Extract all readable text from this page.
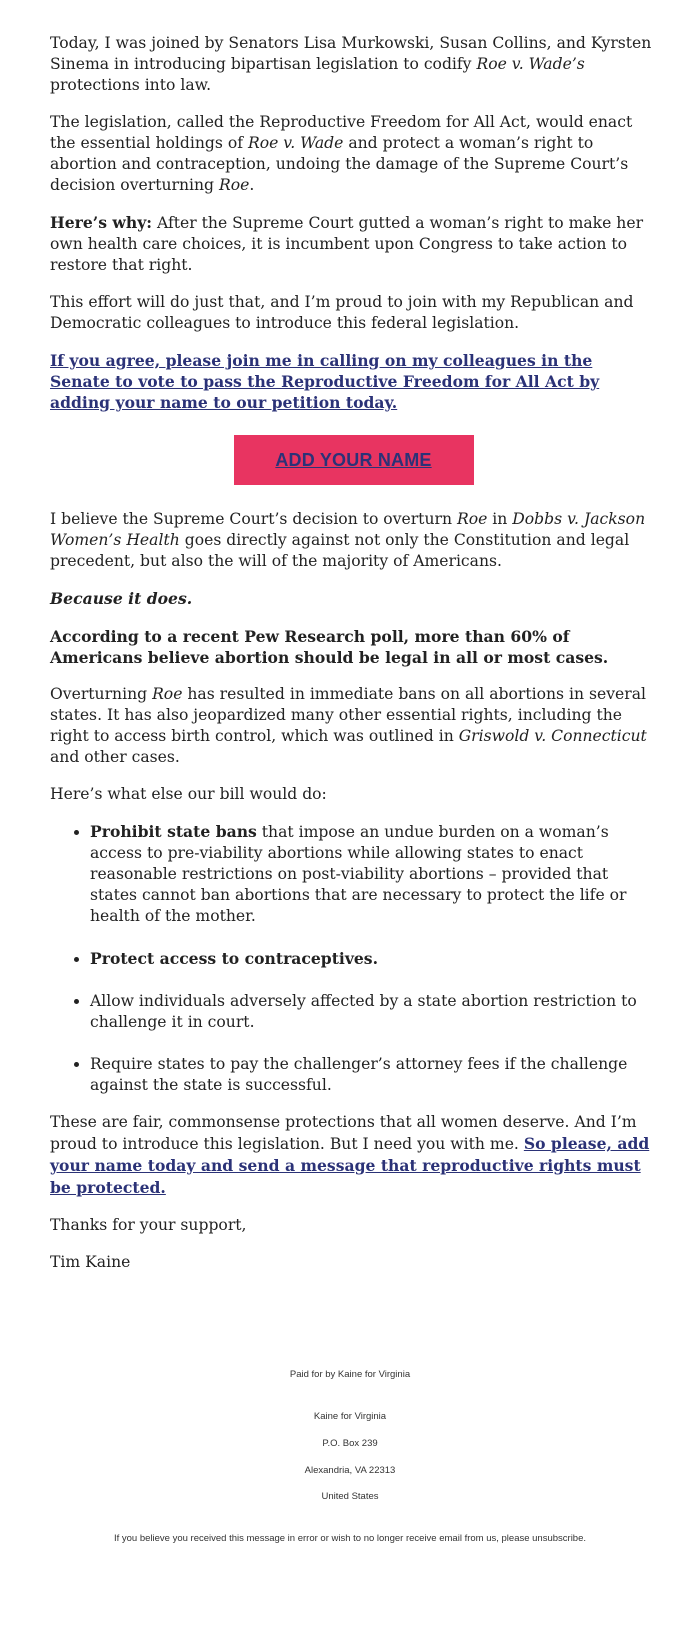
Today, I was joined by Senators Lisa Murkowski, Susan Collins, and Kyrsten Sinema in introducing bipartisan legislation to codify Roe v. Wade’s protections into law.

The legislation, called the Reproductive Freedom for All Act, would enact the essential holdings of Roe v. Wade and protect a woman’s right to abortion and contraception, undoing the damage of the Supreme Court’s decision overturning Roe.

Here’s why: After the Supreme Court gutted a woman’s right to make her own health care choices, it is incumbent upon Congress to take action to restore that right.

This effort will do just that, and I’m proud to join with my Republican and Democratic colleagues to introduce this federal legislation.

If you agree, please join me in calling on my colleagues in the Senate to vote to pass the Reproductive Freedom for All Act by adding your name to our petition today.
ADD YOUR NAME

I believe the Supreme Court’s decision to overturn Roe in Dobbs v. Jackson Women’s Health goes directly against not only the Constitution and legal precedent, but also the will of the majority of Americans.

Because it does.

According to a recent Pew Research poll, more than 60% of Americans believe abortion should be legal in all or most cases.

Overturning Roe has resulted in immediate bans on all abortions in several states. It has also jeopardized many other essential rights, including the right to access birth control, which was outlined in Griswold v. Connecticut and other cases.

Here’s what else our bill would do:

• Prohibit state bans that impose an undue burden on a woman’s access to pre-viability abortions while allowing states to enact reasonable restrictions on post-viability abortions – provided that states cannot ban abortions that are necessary to protect the life or health of the mother.
• Protect access to contraceptives.
• Allow individuals adversely affected by a state abortion restriction to challenge it in court.
• Require states to pay the challenger’s attorney fees if the challenge against the state is successful.

These are fair, commonsense protections that all women deserve. And I’m proud to introduce this legislation. But I need you with me. So please, add your name today and send a message that reproductive rights must be protected.

Thanks for your support,

Tim Kaine

Paid for by Kaine for Virginia
Kaine for Virginia
P.O. Box 239
Alexandria, VA 22313
United States
If you believe you received this message in error or wish to no longer receive email from us, please unsubscribe.
